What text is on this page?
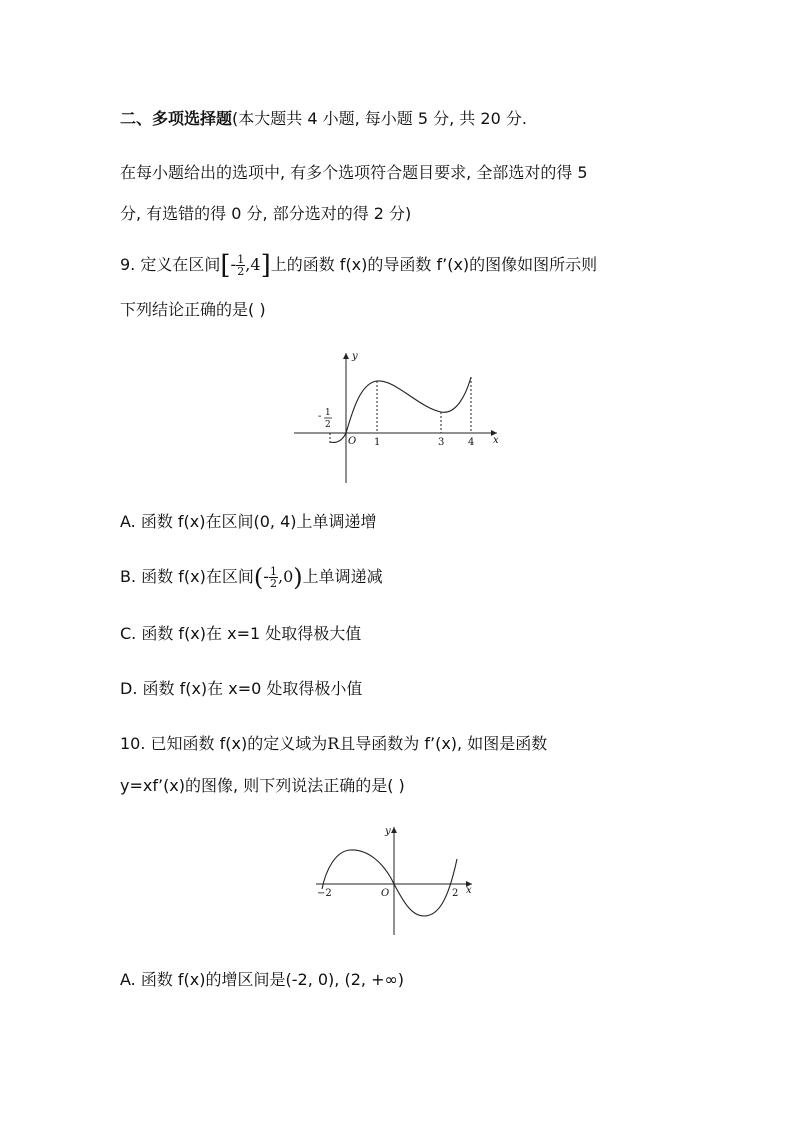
二、多项选择题(本大题共 4 小题, 每小题 5 分, 共 20 分.
在每小题给出的选项中, 有多个选项符合题目要求, 全部选对的得 5
分, 有选错的得 0 分, 部分选对的得 2 分)
9. 定义在区间[- $\frac{1}{2} ,4$]上的函数 f(x)的导函数 f’(x)的图像如图所示则
下列结论正确的是( )
y
x
O
- 1
2
1	3 4
A. 函数 f(x)在区间(0, 4)上单调递增
B. 函数 f(x)在区间(- $\frac{1}{2} ,0$)上单调递减
C. 函数 f(x)在 x=1 处取得极大值
D. 函数 f(x)在 x=0 处取得极小值
10. 已知函数 f(x)的定义域为R且导函数为 f’(x), 如图是函数
y=xf’(x)的图像, 则下列说法正确的是( )
y
x
O
−2	2
A. 函数 f(x)的增区间是(-2, 0), (2, +∞)
